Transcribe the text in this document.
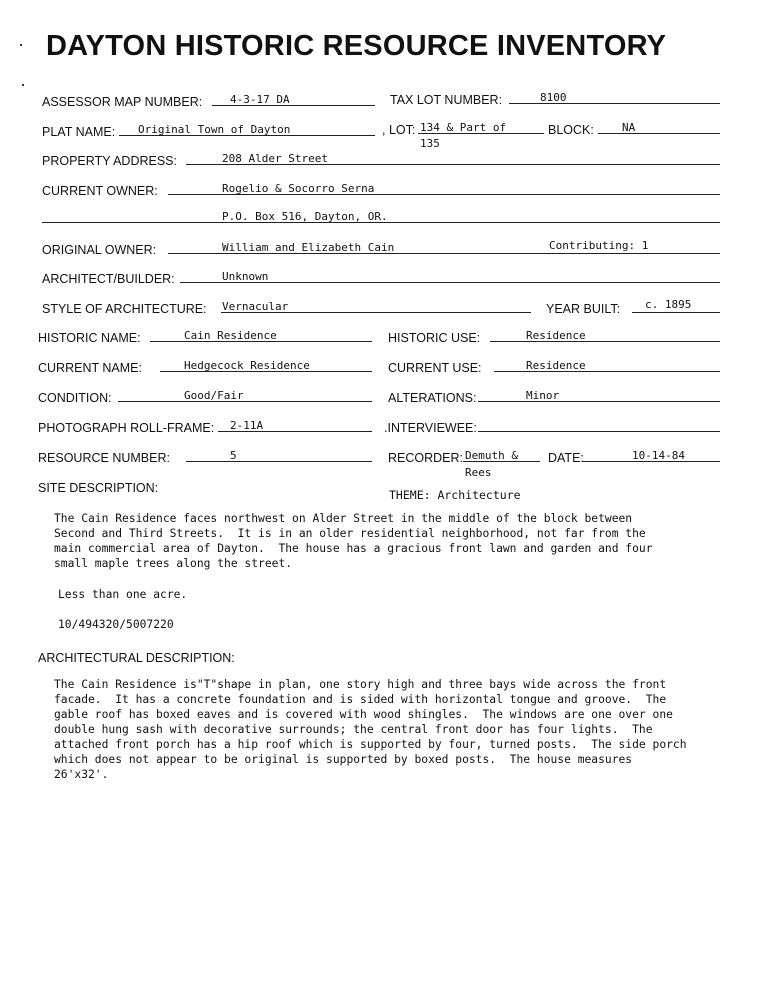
DAYTON HISTORIC RESOURCE INVENTORY
ASSESSOR MAP NUMBER:	4-3-17 DA	TAX LOT NUMBER:	8100
PLAT NAME: Original Town of Dayton	, LOT: 134 & Part of
135
BLOCK:	NA
PROPERTY ADDRESS:	208 Alder Street
CURRENT OWNER:	Rogelio & Socorro Serna
P.O. Box 516, Dayton, OR.
ORIGINAL OWNER:	William and Elizabeth Cain	Contributing: 1
ARCHITECT/BUILDER:	Unknown
STYLE OF ARCHITECTURE: Vernacular	YEAR BUILT: c. 1895
HISTORIC NAME:	Cain Residence	HISTORIC USE:	Residence
CURRENT NAME:	Hedgecock Residence	CURRENT USE:	Residence
CONDITION:	Good/Fair	ALTERATIONS:	Minor
PHOTOGRAPH ROLL-FRAME: 2-11A	.INTERVIEWEE:
RESOURCE NUMBER:	5	RECORDER: Demuth &
Rees
DATE:	10-14-84
SITE DESCRIPTION:	THEME: Architecture
The Cain Residence faces northwest on Alder Street in the middle of the block between
Second and Third Streets.  It is in an older residential neighborhood, not far from the
main commercial area of Dayton.  The house has a gracious front lawn and garden and four
small maple trees along the street.
Less than one acre.
10/494320/5007220
ARCHITECTURAL DESCRIPTION:
The Cain Residence is"T"shape in plan, one story high and three bays wide across the front
facade.  It has a concrete foundation and is sided with horizontal tongue and groove.  The
gable roof has boxed eaves and is covered with wood shingles.  The windows are one over one
double hung sash with decorative surrounds; the central front door has four lights.  The
attached front porch has a hip roof which is supported by four, turned posts.  The side porch
which does not appear to be original is supported by boxed posts.  The house measures
26'x32'.
